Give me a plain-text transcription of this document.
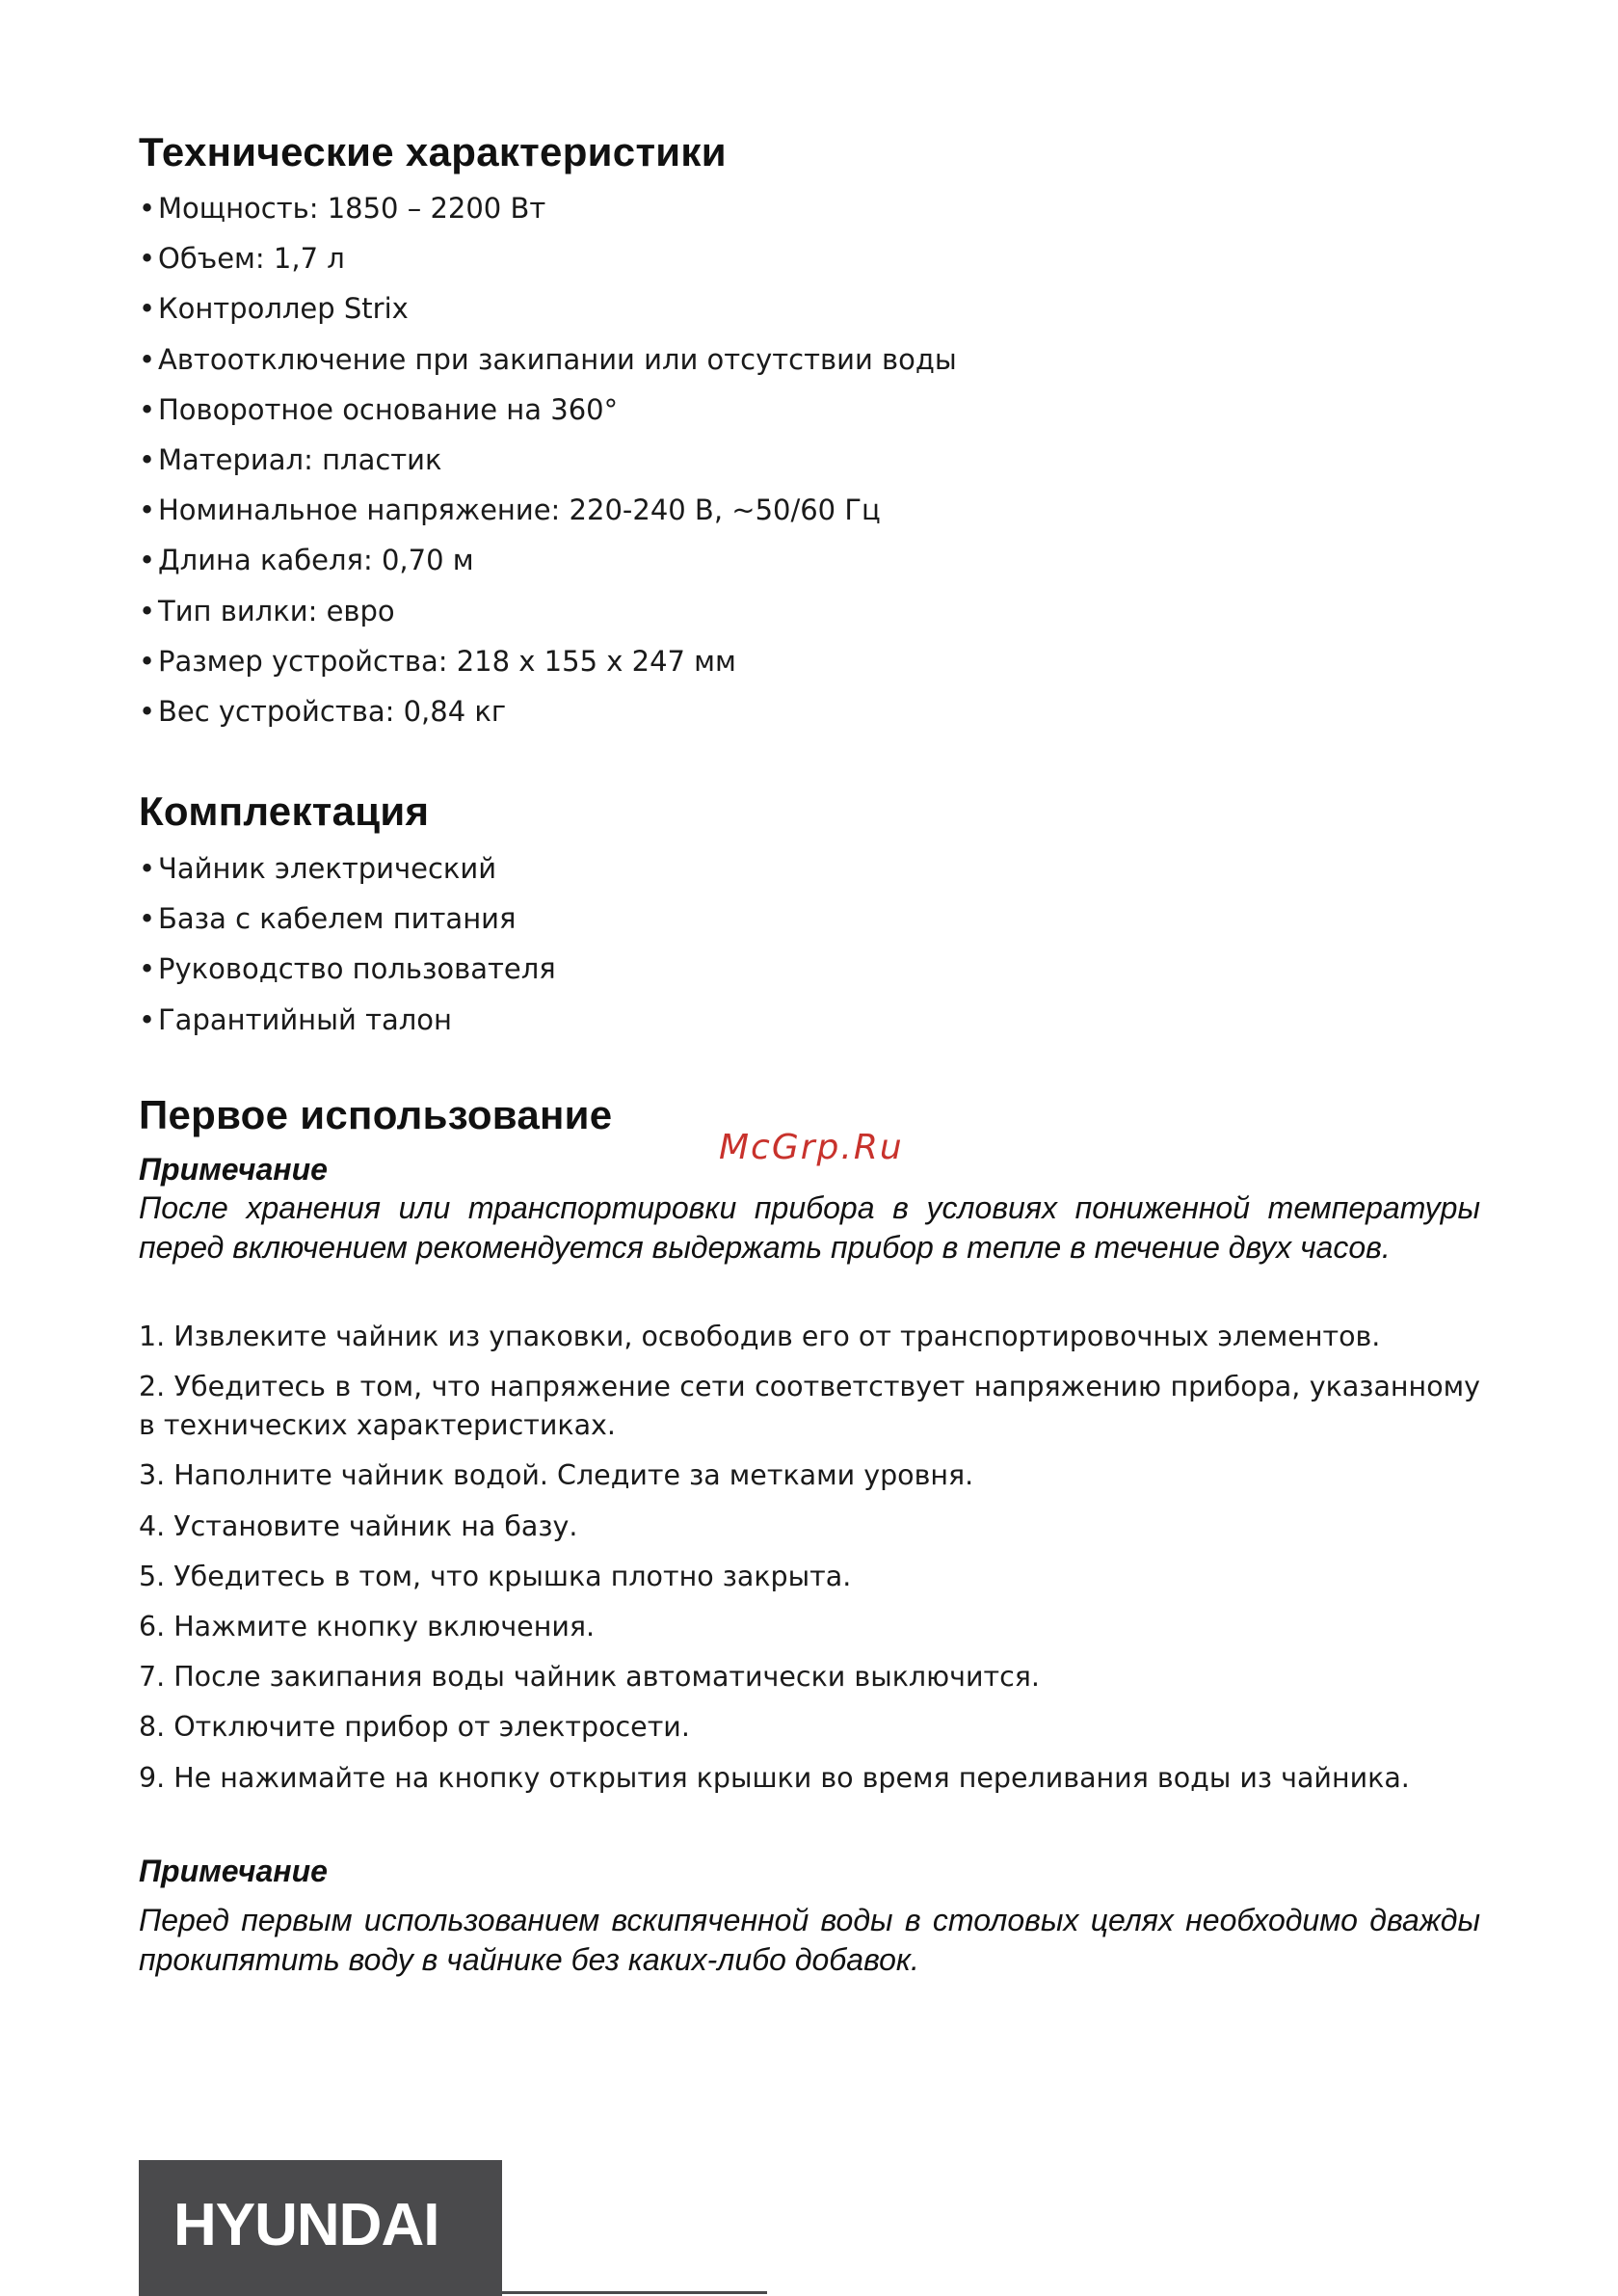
Технические характеристики
•Мощность: 1850 – 2200 Вт
•Объем: 1,7 л
•Контроллер Strix
•Автоотключение при закипании или отсутствии воды
•Поворотное основание на 360°
•Материал: пластик
•Номинальное напряжение: 220-240 В, ~50/60 Гц
•Длина кабеля: 0,70 м
•Тип вилки: евро
•Размер устройства: 218 х 155 х 247 мм
•Вес устройства: 0,84 кг
Комплектация
•Чайник электрический
•База с кабелем питания
•Руководство пользователя
•Гарантийный талон
Первое использование
Примечание

После хранения или транспортировки прибора в условиях пониженной температуры перед включением рекомендуется выдержать прибор в тепле в течение двух часов.

1. Извлеките чайник из упаковки, освободив его от транспортировочных элементов.
2. Убедитесь в том, что напряжение сети соответствует напряжению прибора, указанному в технических характеристиках.
3. Наполните чайник водой. Следите за метками уровня.
4. Установите чайник на базу.
5. Убедитесь в том, что крышка плотно закрыта.
6. Нажмите кнопку включения.
7. После закипания воды чайник автоматически выключится.
8. Отключите прибор от электросети.
9. Не нажимайте на кнопку открытия крышки во время переливания воды из чайника.
Примечание

Перед первым использованием вскипяченной воды в столовых целях необходимо дважды прокипятить воду в чайнике без каких-либо добавок.

McGrp.Ru
HYUNDAI
